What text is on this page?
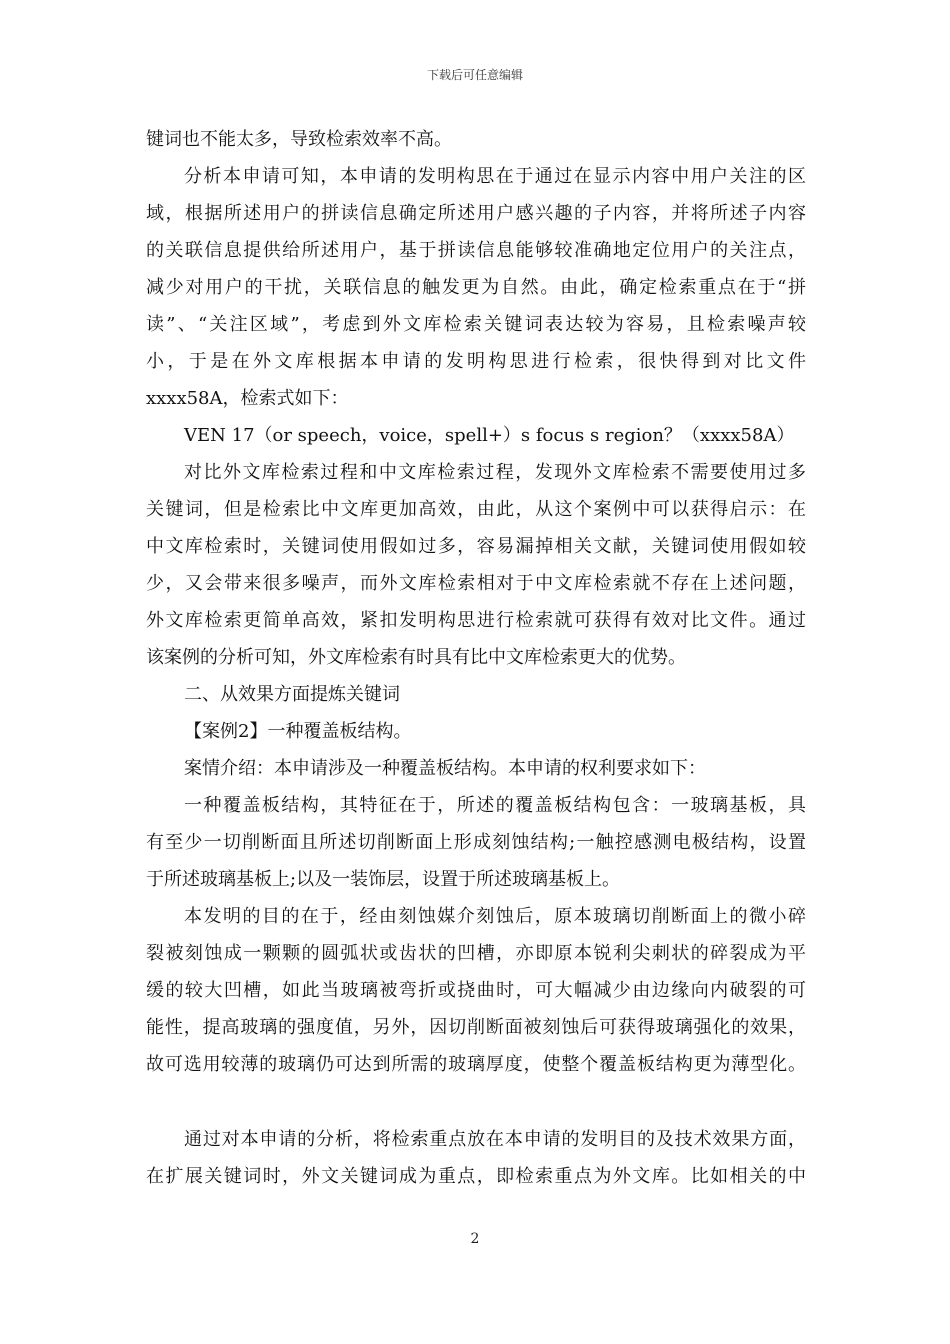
下载后可任意编辑
键词也不能太多，导致检索效率不高。
分析本申请可知，本申请的发明构思在于通过在显示内容中用户关注的区
域，根据所述用户的拼读信息确定所述用户感兴趣的子内容，并将所述子内容
的关联信息提供给所述用户，基于拼读信息能够较准确地定位用户的关注点，
减少对用户的干扰，关联信息的触发更为自然。由此，确定检索重点在于“拼
读”、“关注区域”，考虑到外文库检索关键词表达较为容易，且检索噪声较
小，于是在外文库根据本申请的发明构思进行检索，很快得到对比文件
xxxx58A，检索式如下：
VEN 17（or speech，voice，spell+）s focus s region？（xxxx58A）
对比外文库检索过程和中文库检索过程，发现外文库检索不需要使用过多
关键词，但是检索比中文库更加高效，由此，从这个案例中可以获得启示：在
中文库检索时，关键词使用假如过多，容易漏掉相关文献，关键词使用假如较
少，又会带来很多噪声，而外文库检索相对于中文库检索就不存在上述问题，
外文库检索更简单高效，紧扣发明构思进行检索就可获得有效对比文件。通过
该案例的分析可知，外文库检索有时具有比中文库检索更大的优势。
二、从效果方面提炼关键词
【案例2】一种覆盖板结构。
案情介绍：本申请涉及一种覆盖板结构。本申请的权利要求如下：
一种覆盖板结构，其特征在于，所述的覆盖板结构包含：一玻璃基板，具
有至少一切削断面且所述切削断面上形成刻蚀结构;一触控感测电极结构，设置
于所述玻璃基板上;以及一装饰层，设置于所述玻璃基板上。
本发明的目的在于，经由刻蚀媒介刻蚀后，原本玻璃切削断面上的微小碎
裂被刻蚀成一颗颗的圆弧状或齿状的凹槽，亦即原本锐利尖刺状的碎裂成为平
缓的较大凹槽，如此当玻璃被弯折或挠曲时，可大幅减少由边缘向内破裂的可
能性，提高玻璃的强度值，另外，因切削断面被刻蚀后可获得玻璃强化的效果，
故可选用较薄的玻璃仍可达到所需的玻璃厚度，使整个覆盖板结构更为薄型化。
通过对本申请的分析，将检索重点放在本申请的发明目的及技术效果方面，
在扩展关键词时，外文关键词成为重点，即检索重点为外文库。比如相关的中
2
